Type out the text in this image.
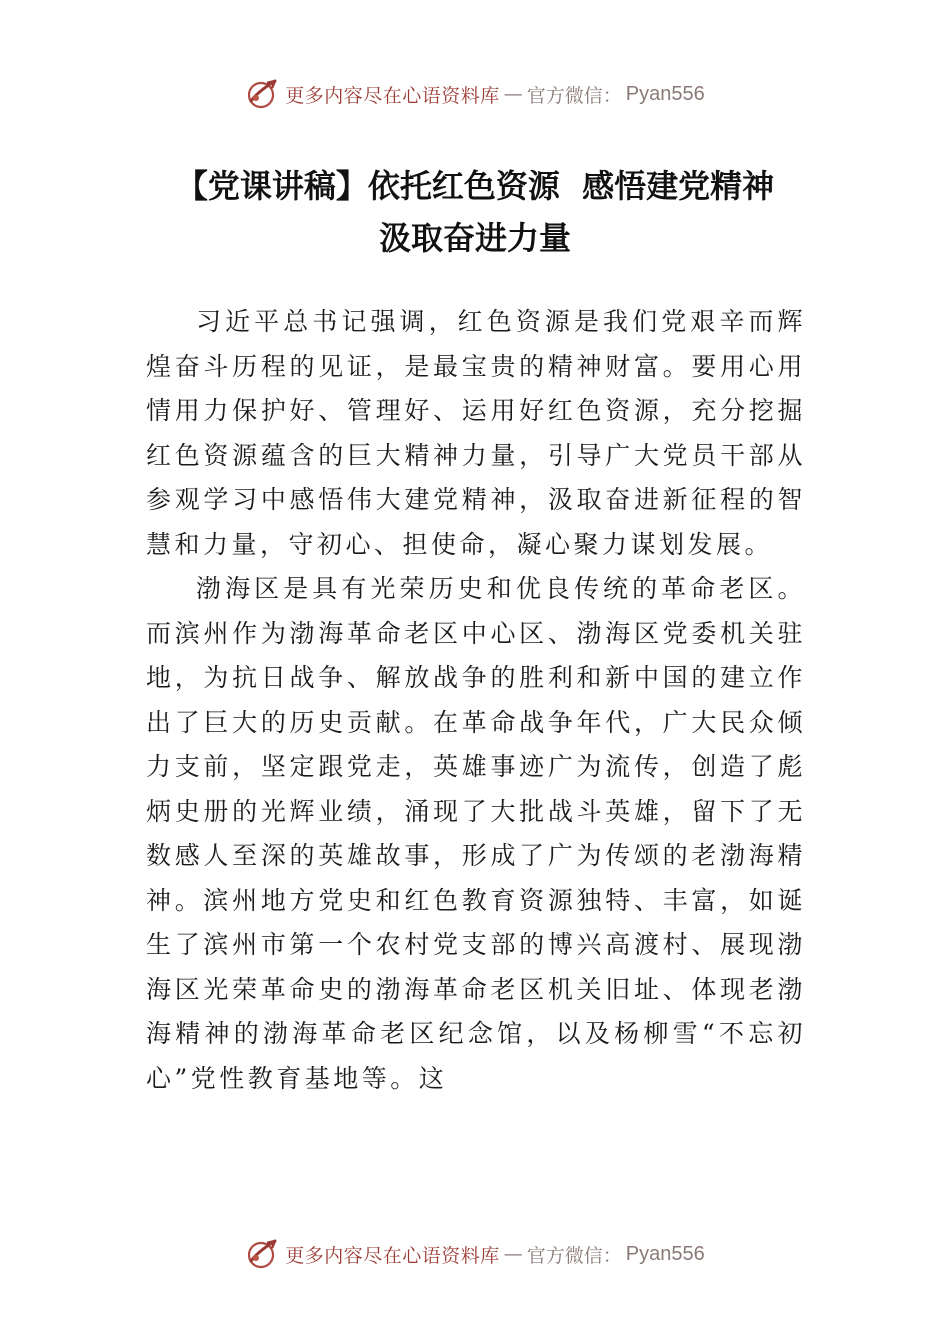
更多内容尽在心语资料库 — 官方微信： Pyan556
【党课讲稿】依托红色资源  感悟建党精神
汲取奋进力量

习近平总书记强调，红色资源是我们党艰辛而辉煌奋斗历程的见证，是最宝贵的精神财富。要用心用情用力保护好、管理好、运用好红色资源，充分挖掘红色资源蕴含的巨大精神力量，引导广大党员干部从参观学习中感悟伟大建党精神，汲取奋进新征程的智慧和力量，守初心、担使命，凝心聚力谋划发展。

渤海区是具有光荣历史和优良传统的革命老区。而滨州作为渤海革命老区中心区、渤海区党委机关驻地，为抗日战争、解放战争的胜利和新中国的建立作出了巨大的历史贡献。在革命战争年代，广大民众倾力支前，坚定跟党走，英雄事迹广为流传，创造了彪炳史册的光辉业绩，涌现了大批战斗英雄，留下了无数感人至深的英雄故事，形成了广为传颂的老渤海精神。滨州地方党史和红色教育资源独特、丰富，如诞生了滨州市第一个农村党支部的博兴高渡村、展现渤海区光荣革命史的渤海革命老区机关旧址、体现老渤海精神的渤海革命老区纪念馆，以及杨柳雪“不忘初心”党性教育基地等。这

更多内容尽在心语资料库 — 官方微信： Pyan556
